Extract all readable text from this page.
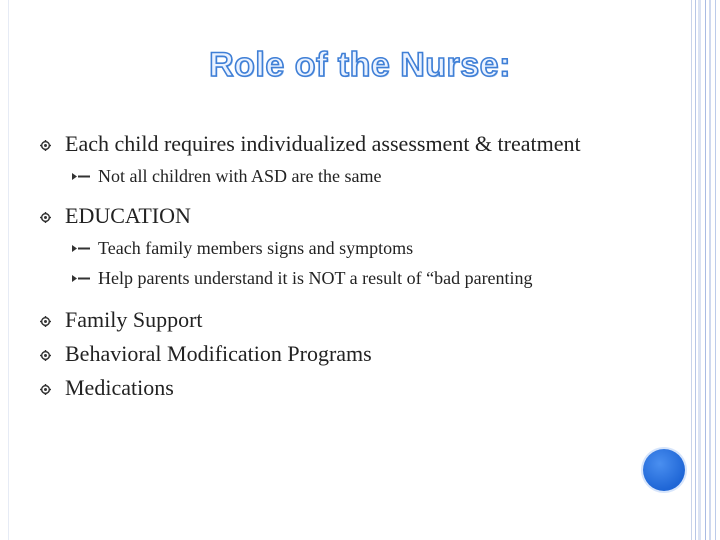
Role of the Nurse:
Each child requires individualized assessment & treatment
Not all children with ASD are the same
EDUCATION
Teach family members signs and symptoms
Help parents understand it is NOT a result of “bad parenting
Family Support
Behavioral Modification Programs
Medications
